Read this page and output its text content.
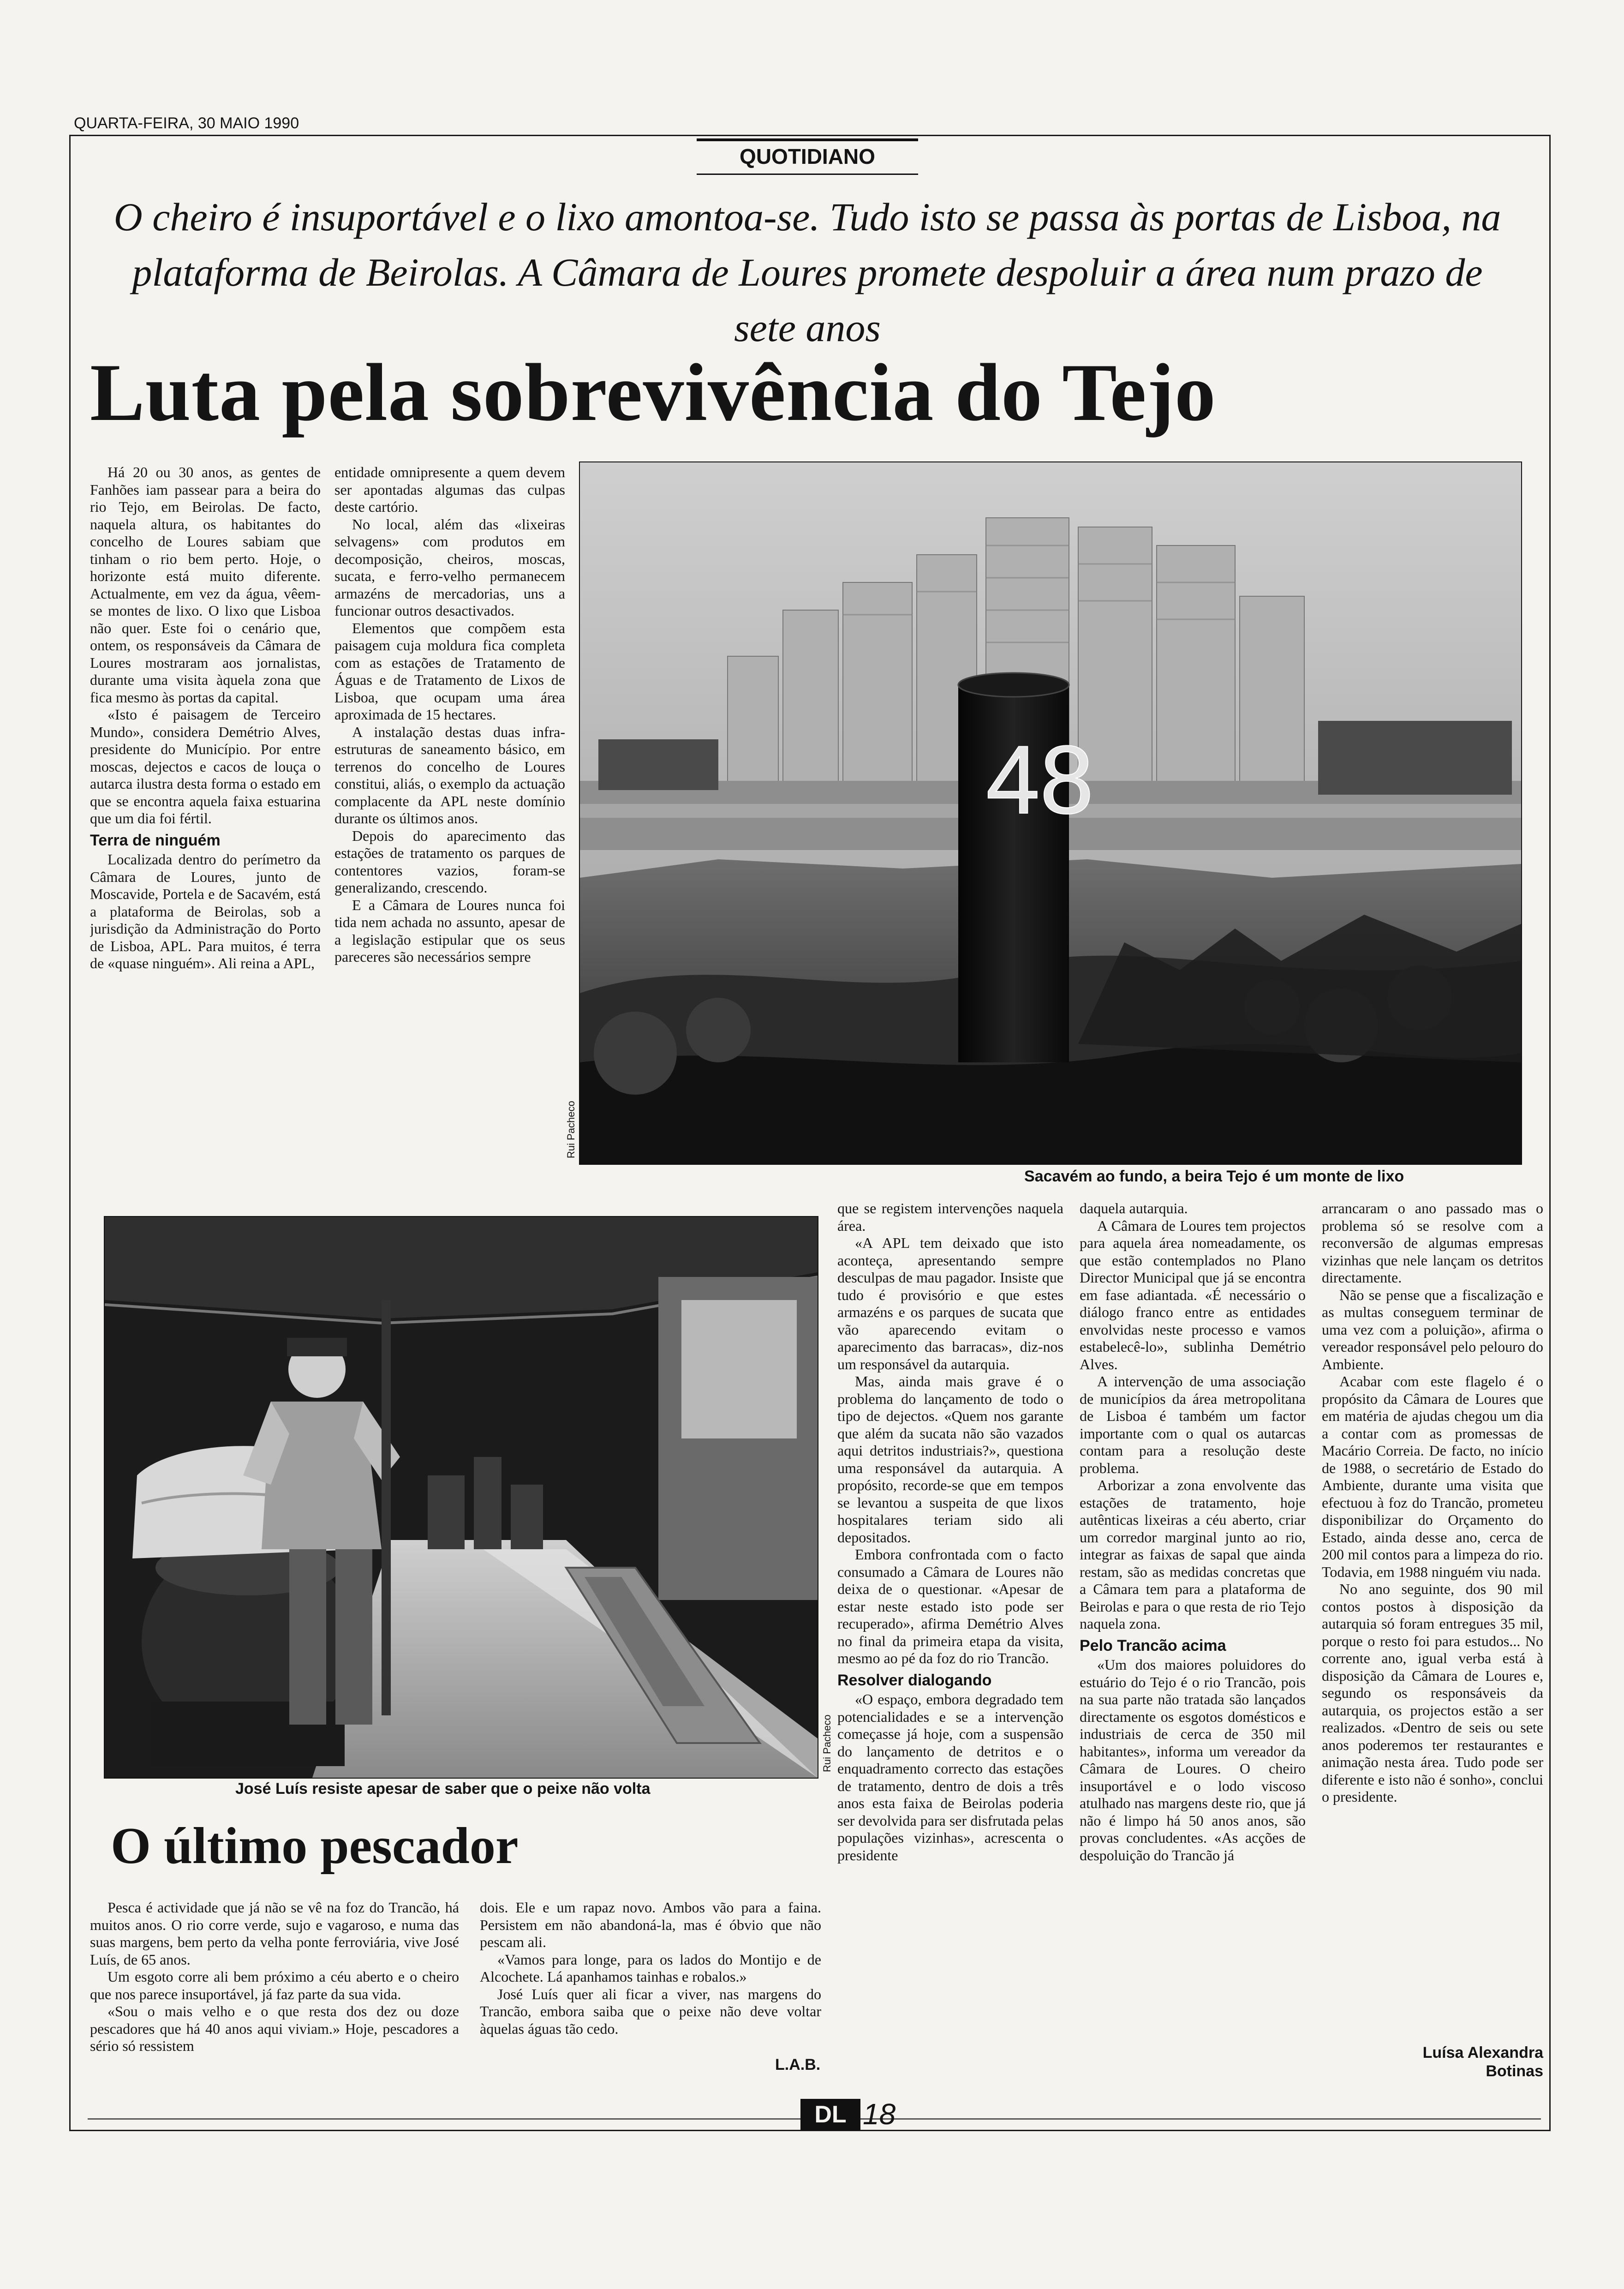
QUARTA-FEIRA, 30 MAIO 1990
QUOTIDIANO
O cheiro é insuportável e o lixo amontoa-se. Tudo isto se passa às portas de Lisboa, na plataforma de Beirolas. A Câmara de Loures promete despoluir a área num prazo de sete anos
Luta pela sobrevivência do Tejo

Há 20 ou 30 anos, as gentes de Fanhões iam passear para a beira do rio Tejo, em Beirolas. De facto, naquela altura, os habitantes do concelho de Loures sabiam que tinham o rio bem perto. Hoje, o horizonte está muito diferente. Actualmente, em vez da água, vêem-se montes de lixo. O lixo que Lisboa não quer. Este foi o cenário que, ontem, os responsáveis da Câmara de Loures mostraram aos jornalistas, durante uma visita àquela zona que fica mesmo às portas da capital.

«Isto é paisagem de Terceiro Mundo», considera Demétrio Alves, presidente do Município. Por entre moscas, dejectos e cacos de louça o autarca ilustra desta forma o estado em que se encontra aquela faixa estuarina que um dia foi fértil.

Terra de ninguém

Localizada dentro do perímetro da Câmara de Loures, junto de Moscavide, Portela e de Sacavém, está a plataforma de Beirolas, sob a jurisdição da Administração do Porto de Lisboa, APL. Para muitos, é terra de «quase ninguém». Ali reina a APL,

entidade omnipresente a quem devem ser apontadas algumas das culpas deste cartório.

No local, além das «lixeiras selvagens» com produtos em decomposição, cheiros, moscas, sucata, e ferro-velho permanecem armazéns de mercadorias, uns a funcionar outros desactivados.

Elementos que compõem esta paisagem cuja moldura fica completa com as estações de Tratamento de Águas e de Tratamento de Lixos de Lisboa, que ocupam uma área aproximada de 15 hectares.

A instalação destas duas infra-estruturas de saneamento básico, em terrenos do concelho de Loures constitui, aliás, o exemplo da actuação complacente da APL neste domínio durante os últimos anos.

Depois do aparecimento das estações de tratamento os parques de contentores vazios, foram-se generalizando, crescendo.

E a Câmara de Loures nunca foi tida nem achada no assunto, apesar de a legislação estipular que os seus pareceres são necessários sempre

48
Rui Pacheco
Sacavém ao fundo, a beira Tejo é um monte de lixo
Rui Pacheco
José Luís resiste apesar de saber que o peixe não volta

que se registem intervenções naquela área.

«A APL tem deixado que isto aconteça, apresentando sempre desculpas de mau pagador. Insiste que tudo é provisório e que estes armazéns e os parques de sucata que vão aparecendo evitam o aparecimento das barracas», diz-nos um responsável da autarquia.

Mas, ainda mais grave é o problema do lançamento de todo o tipo de dejectos. «Quem nos garante que além da sucata não são vazados aqui detritos industriais?», questiona uma responsável da autarquia. A propósito, recorde-se que em tempos se levantou a suspeita de que lixos hospitalares teriam sido ali depositados.

Embora confrontada com o facto consumado a Câmara de Loures não deixa de o questionar. «Apesar de estar neste estado isto pode ser recuperado», afirma Demétrio Alves no final da primeira etapa da visita, mesmo ao pé da foz do rio Trancão.

Resolver dialogando

«O espaço, embora degradado tem potencialidades e se a intervenção começasse já hoje, com a suspensão do lançamento de detritos e o enquadramento correcto das estações de tratamento, dentro de dois a três anos esta faixa de Beirolas poderia ser devolvida para ser disfrutada pelas populações vizinhas», acrescenta o presidente

daquela autarquia.

A Câmara de Loures tem projectos para aquela área nomeadamente, os que estão contemplados no Plano Director Municipal que já se encontra em fase adiantada. «É necessário o diálogo franco entre as entidades envolvidas neste processo e vamos estabelecê-lo», sublinha Demétrio Alves.

A intervenção de uma associação de municípios da área metropolitana de Lisboa é também um factor importante com o qual os autarcas contam para a resolução deste problema.

Arborizar a zona envolvente das estações de tratamento, hoje autênticas lixeiras a céu aberto, criar um corredor marginal junto ao rio, integrar as faixas de sapal que ainda restam, são as medidas concretas que a Câmara tem para a plataforma de Beirolas e para o que resta de rio Tejo naquela zona.

Pelo Trancão acima

«Um dos maiores poluidores do estuário do Tejo é o rio Trancão, pois na sua parte não tratada são lançados directamente os esgotos domésticos e industriais de cerca de 350 mil habitantes», informa um vereador da Câmara de Loures. O cheiro insuportável e o lodo viscoso atulhado nas margens deste rio, que já não é limpo há 50 anos anos, são provas concludentes. «As acções de despoluição do Trancão já

arrancaram o ano passado mas o problema só se resolve com a reconversão de algumas empresas vizinhas que nele lançam os detritos directamente.

Não se pense que a fiscalização e as multas conseguem terminar de uma vez com a poluição», afirma o vereador responsável pelo pelouro do Ambiente.

Acabar com este flagelo é o propósito da Câmara de Loures que em matéria de ajudas chegou um dia a contar com as promessas de Macário Correia. De facto, no início de 1988, o secretário de Estado do Ambiente, durante uma visita que efectuou à foz do Trancão, prometeu disponibilizar do Orçamento do Estado, ainda desse ano, cerca de 200 mil contos para a limpeza do rio. Todavia, em 1988 ninguém viu nada.

No ano seguinte, dos 90 mil contos postos à disposição da autarquia só foram entregues 35 mil, porque o resto foi para estudos... No corrente ano, igual verba está à disposição da Câmara de Loures e, segundo os responsáveis da autarquia, os projectos estão a ser realizados. «Dentro de seis ou sete anos poderemos ter restaurantes e animação nesta área. Tudo pode ser diferente e isto não é sonho», conclui o presidente.

Luísa Alexandra
Botinas
O último pescador

Pesca é actividade que já não se vê na foz do Trancão, há muitos anos. O rio corre verde, sujo e vagaroso, e numa das suas margens, bem perto da velha ponte ferroviária, vive José Luís, de 65 anos.

Um esgoto corre ali bem próximo a céu aberto e o cheiro que nos parece insuportável, já faz parte da sua vida.

«Sou o mais velho e o que resta dos dez ou doze pescadores que há 40 anos aqui viviam.» Hoje, pescadores a sério só ressistem

dois. Ele e um rapaz novo. Ambos vão para a faina. Persistem em não abandoná-la, mas é óbvio que não pescam ali.

«Vamos para longe, para os lados do Montijo e de Alcochete. Lá apanhamos tainhas e robalos.»

José Luís quer ali ficar a viver, nas margens do Trancão, embora saiba que o peixe não deve voltar àquelas águas tão cedo.

L.A.B.
DL 18
